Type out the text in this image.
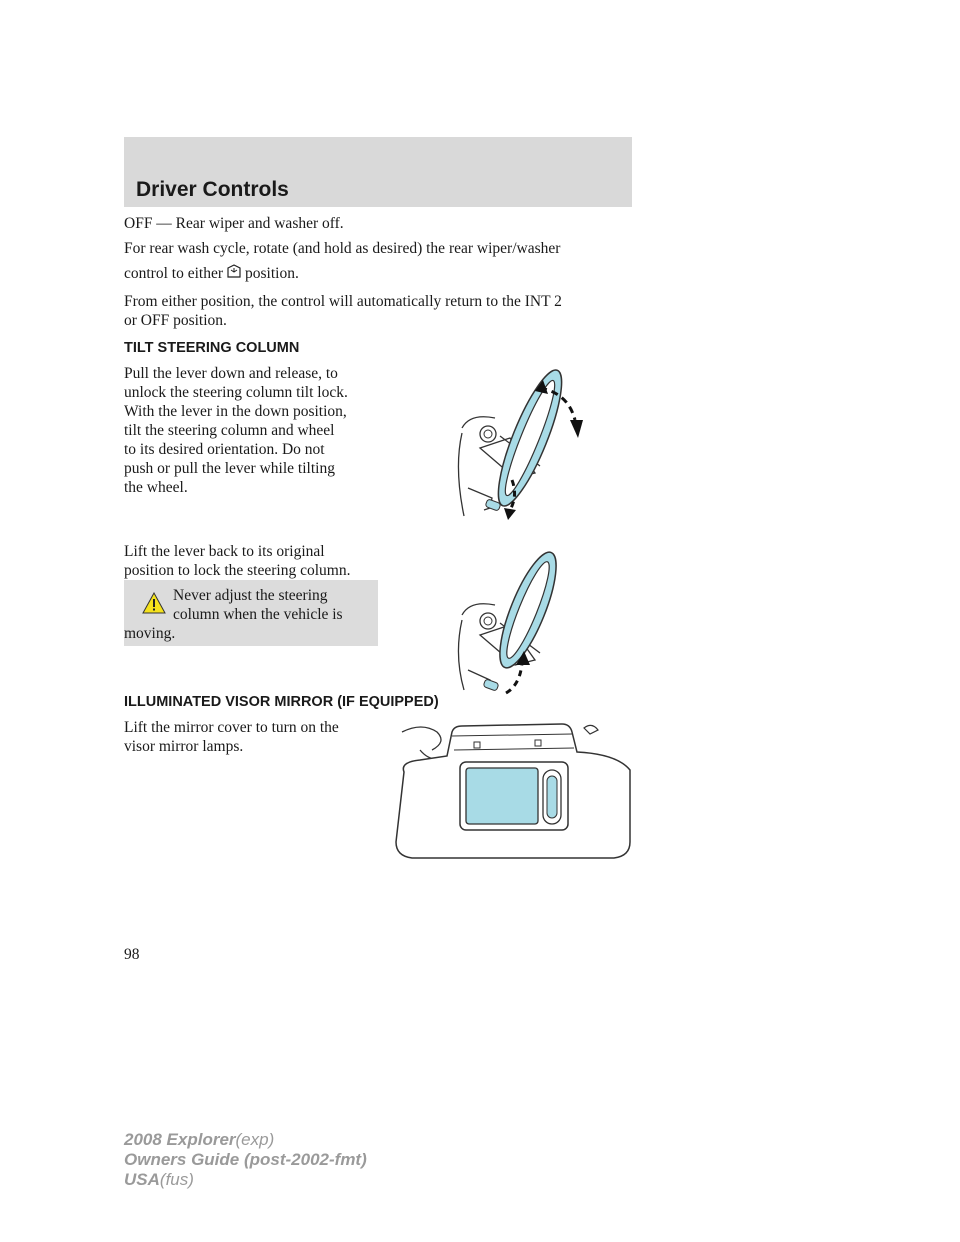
Driver Controls

OFF — Rear wiper and washer off.

For rear wash cycle, rotate (and hold as desired) the rear wiper/washer

control to either position.

From either position, the control will automatically return to the INT 2

or OFF position.

TILT STEERING COLUMN

Pull the lever down and release, to

unlock the steering column tilt lock.

With the lever in the down position,

tilt the steering column and wheel

to its desired orientation. Do not

push or pull the lever while tilting

the wheel.

Lift the lever back to its original

position to lock the steering column.

Never adjust the steering
column when the vehicle is
moving.
ILLUMINATED VISOR MIRROR (IF EQUIPPED)

Lift the mirror cover to turn on the

visor mirror lamps.

98
2008 Explorer(exp)
Owners Guide (post-2002-fmt)
USA(fus)
